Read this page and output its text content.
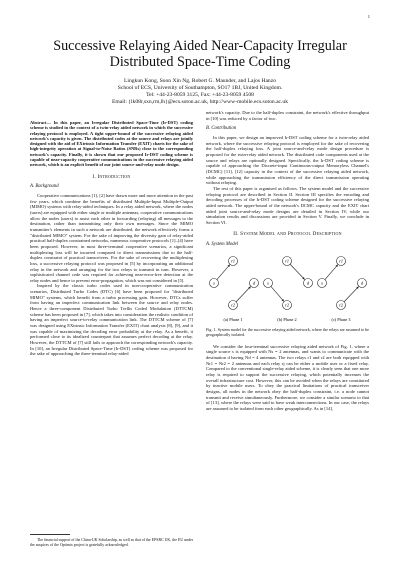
1
Successive Relaying Aided Near-Capacity Irregular Distributed Space-Time Coding
Lingkun Kong, Soon Xin Ng, Robert G. Maunder, and Lajos Hanzo
School of ECS, University of Southampton, SO17 1BJ, United Kingdom.
Tel: +44-23-8059 3125, Fax: +44-23-8059 4508
Email: {lk08r,sxn,rm,lh}@ecs.soton.ac.uk, http://www-mobile.ecs.soton.ac.uk
Abstract— In this paper, an Irregular Distributed Space-Time (Ir-DST) coding scheme is studied in the context of a twin-relay aided network in which the successive relaying protocol is employed. A tight upper-bound of the successive relaying aided network's capacity is given. The distributed codes at the source and relays are jointly designed with the aid of EXtrinsic Information Transfer (EXIT) charts for the sake of high-integrity operation at Signal-to-Noise Ratios (SNRs) close to the corresponding network's capacity. Finally, it is shown that our proposed Ir-DST coding scheme is capable of near-capacity cooperative communications in the successive relaying aided network, which is an explicit benefit of our joint source-and-relay mode design.
I. Introduction
A. Background

Cooperative communications [1], [2] have drawn more and more attention in the past few years, which combine the benefits of distributed Multiple-Input Multiple-Output (MIMO) systems with relay-aided techniques. In a relay aided network, where the nodes (users) are equipped with either single or multiple antennas, cooperative communications allow the nodes (users) to assist each other in forwarding (relaying) all messages to the destination, rather than transmitting only their own messages. Since the MIMO transmitter's elements in such a network are distributed, the network effectively forms a "distributed MIMO" system. For the sake of improving the diversity gain of relay-aided practical half-duplex constrained networks, numerous cooperative protocols [1]–[4] have been proposed. However, in most three-terminal cooperative scenarios, a significant multiplexing loss will be incurred compared to direct transmissions due to the half-duplex constraint of practical transceivers. For the sake of recovering the multiplexing loss, a successive relaying protocol was proposed in [5] by incorporating an additional relay in the network and arranging for the two relays to transmit in turn. However, a sophisticated channel code was required for achieving near-error-free detection at the relay nodes and hence to prevent error-propagation, which was not considered in [5].

Inspired by the classic turbo codes used in non-cooperative communication scenarios, Distributed Turbo Codes (DTC) [6] have been proposed for "distributed MIMO" systems, which benefit from a turbo processing gain. However, DTCs suffer from having an imperfect communication link between the source and relay nodes. Hence a three-component Distributed Turbo Trellis Coded Modulation (DTTCM) scheme has been proposed in [7], which takes into consideration the realistic condition of having an imperfect source-to-relay communication link. The DTTCM scheme of [7] was designed using EXtrinsic Information Transfer (EXIT) chart analysis [8], [9], and it was capable of maximizing the decoding error probability at the relay. As a benefit, it performed close to its idealized counterpart that assumes perfect decoding at the relay. However, the DTTCM of [7] still fails to approach the corresponding network's capacity. In [10], an Irregular Distributed Space-Time (Ir-DST) coding scheme was proposed for the sake of approaching the three-terminal relay-aided

The financial support of the China-UK Scholarship, as well as that of the EPSRC UK, the EU under the auspices of the Optimix project is gratefully acknowledged.

network's capacity. Due to the half-duplex constraint, the network's effective throughput in [10] was reduced by a factor of two.

B. Contribution

In this paper, we design an improved Ir-DST coding scheme for a twin-relay aided network, where the successive relaying protocol is employed for the sake of recovering the half-duplex relaying loss. A joint source-and-relay mode design procedure is proposed for the twin-relay aided network. The distributed code components used at the source and relays are optimally designed. Specifically, the Ir-DST coding scheme is capable of approaching the Discrete-input Continuous-output Memoryless Channel's (DCMC) [11], [12] capacity in the context of the successive relaying aided network, while approaching the transmission efficiency of the direct transmission operating without relaying.

The rest of this paper is organised as follows. The system model and the successive relaying protocol are described in Section II. Section III specifies the encoding and decoding processes of the Ir-DST coding scheme designed for the successive relaying aided network. The upper-bound of the network's DCMC capacity and the EXIT chart aided joint source-and-relay mode designs are detailed in Section IV, while our simulation results and discussions are provided in Section V. Finally, we conclude in Section VI.

II. System Model and Protocol Description
A. System Model
r1
s	d
r2
(a) Phase 1
r1
s	d
r2
(b) Phase 2
r1
s	d
r2
(c) Phase 3
Fig. 1. System model for the successive relaying aided network, where the relays are assumed to be geographically isolated.

We consider the four-terminal successive relaying aided network of Fig. 1, where a single source s is equipped with Ns = 2 antennas, and wants to communicate with the destination d having Nd = 4 antennas. The two relays r1 and r2 are both equipped with Nr1 = Nr2 = 2 antennas and each relay rj can be either a mobile user or a fixed relay. Compared to the conventional single-relay aided scheme, it is clearly seen that one more relay is required to support the successive relaying, which potentially increases the overall infrastructure cost. However, this can be avoided when the relays are constituted by inactive mobile users. To obey the practical limitations of practical transceiver designs, all nodes in the network obey the half-duplex constraint, i.e. a node cannot transmit and receive simultaneously. Furthermore, we consider a similar scenario to that of [13], where the relays were said to have weak interconnections. In our case, the relays are assumed to be isolated from each other geographically. As in [14],
